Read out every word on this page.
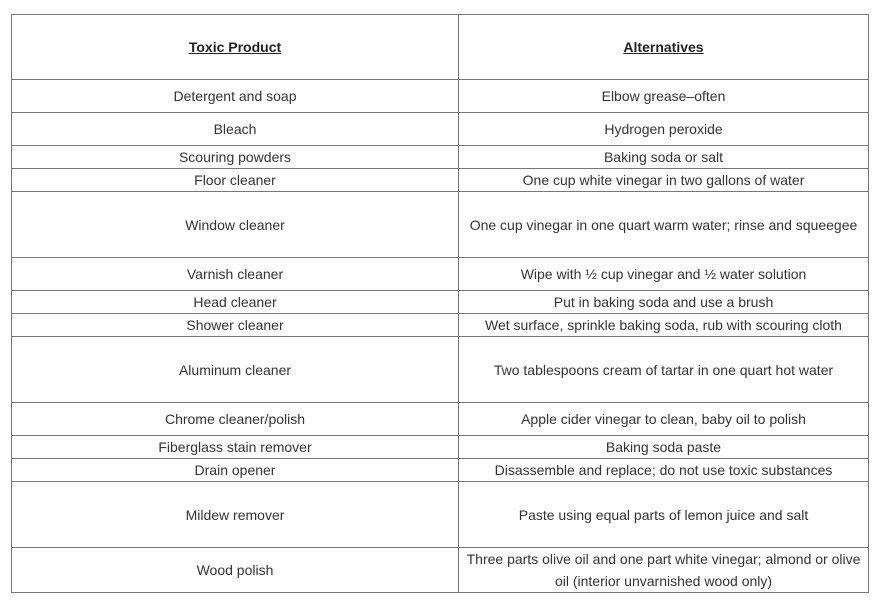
Toxic Product	Alternatives
Detergent and soap	Elbow grease–often
Bleach	Hydrogen peroxide
Scouring powders	Baking soda or salt
Floor cleaner	One cup white vinegar in two gallons of water
Window cleaner	One cup vinegar in one quart warm water; rinse and squeegee
Varnish cleaner	Wipe with ½ cup vinegar and ½ water solution
Head cleaner	Put in baking soda and use a brush
Shower cleaner	Wet surface, sprinkle baking soda, rub with scouring cloth
Aluminum cleaner	Two tablespoons cream of tartar in one quart hot water
Chrome cleaner/polish	Apple cider vinegar to clean, baby oil to polish
Fiberglass stain remover	Baking soda paste
Drain opener	Disassemble and replace; do not use toxic substances
Mildew remover	Paste using equal parts of lemon juice and salt
Wood polish	Three parts olive oil and one part white vinegar; almond or olive oil (interior unvarnished wood only)
